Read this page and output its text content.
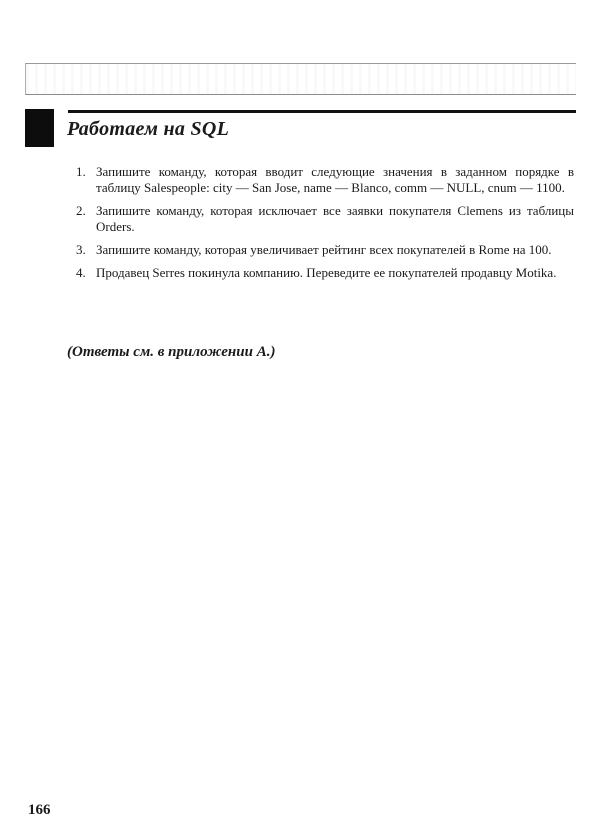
Работаем на SQL
1. Запишите команду, которая вводит следующие значения в заданном порядке в таблицу Salespeople: city — San Jose, name — Blanco, comm — NULL, cnum — 1100.
2. Запишите команду, которая исключает все заявки покупателя Clemens из таблицы Orders.
3. Запишите команду, которая увеличивает рейтинг всех покупателей в Rome на 100.
4. Продавец Serres покинула компанию. Переведите ее покупателей продавцу Motika.

(Ответы см. в приложении А.)

166
